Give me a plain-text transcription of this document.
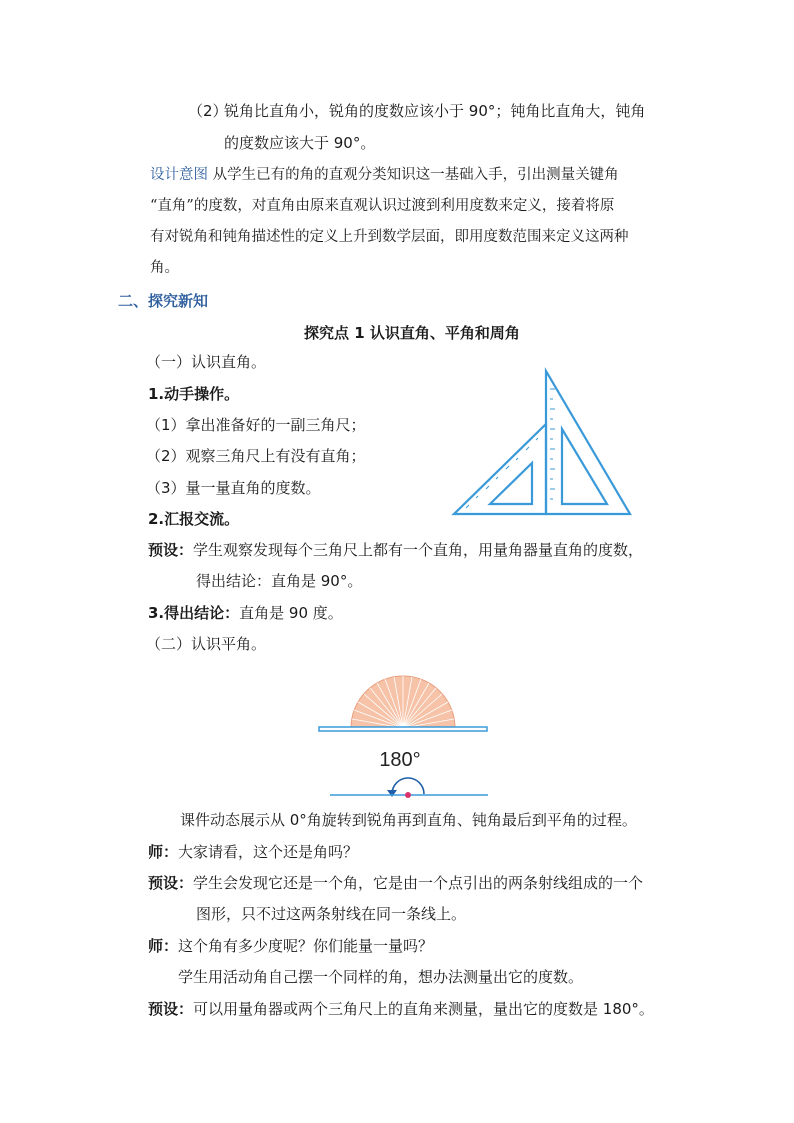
（2）
锐角比直角小，锐角的度数应该小于 90°；钝角比直角大，钝角
的度数应该大于 90°。
设计意图 从学生已有的角的直观分类知识这一基础入手，引出测量关键角
“直角”的度数，对直角由原来直观认识过渡到利用度数来定义，接着将原
有对锐角和钝角描述性的定义上升到数学层面，即用度数范围来定义这两种
角。
二、探究新知
探究点 1 认识直角、平角和周角
（一）认识直角。
1.动手操作。
（1）拿出准备好的一副三角尺；
（2）观察三角尺上有没有直角；
（3）量一量直角的度数。
2.汇报交流。
预设：学生观察发现每个三角尺上都有一个直角，用量角器量直角的度数，
得出结论：直角是 90°。
3.得出结论：直角是 90 度。
（二）认识平角。
180°
课件动态展示从 0°角旋转到锐角再到直角、钝角最后到平角的过程。
师：大家请看，这个还是角吗？
预设：学生会发现它还是一个角，它是由一个点引出的两条射线组成的一个
图形，只不过这两条射线在同一条线上。
师：这个角有多少度呢？你们能量一量吗？
学生用活动角自己摆一个同样的角，想办法测量出它的度数。
预设：可以用量角器或两个三角尺上的直角来测量，量出它的度数是 180°。
